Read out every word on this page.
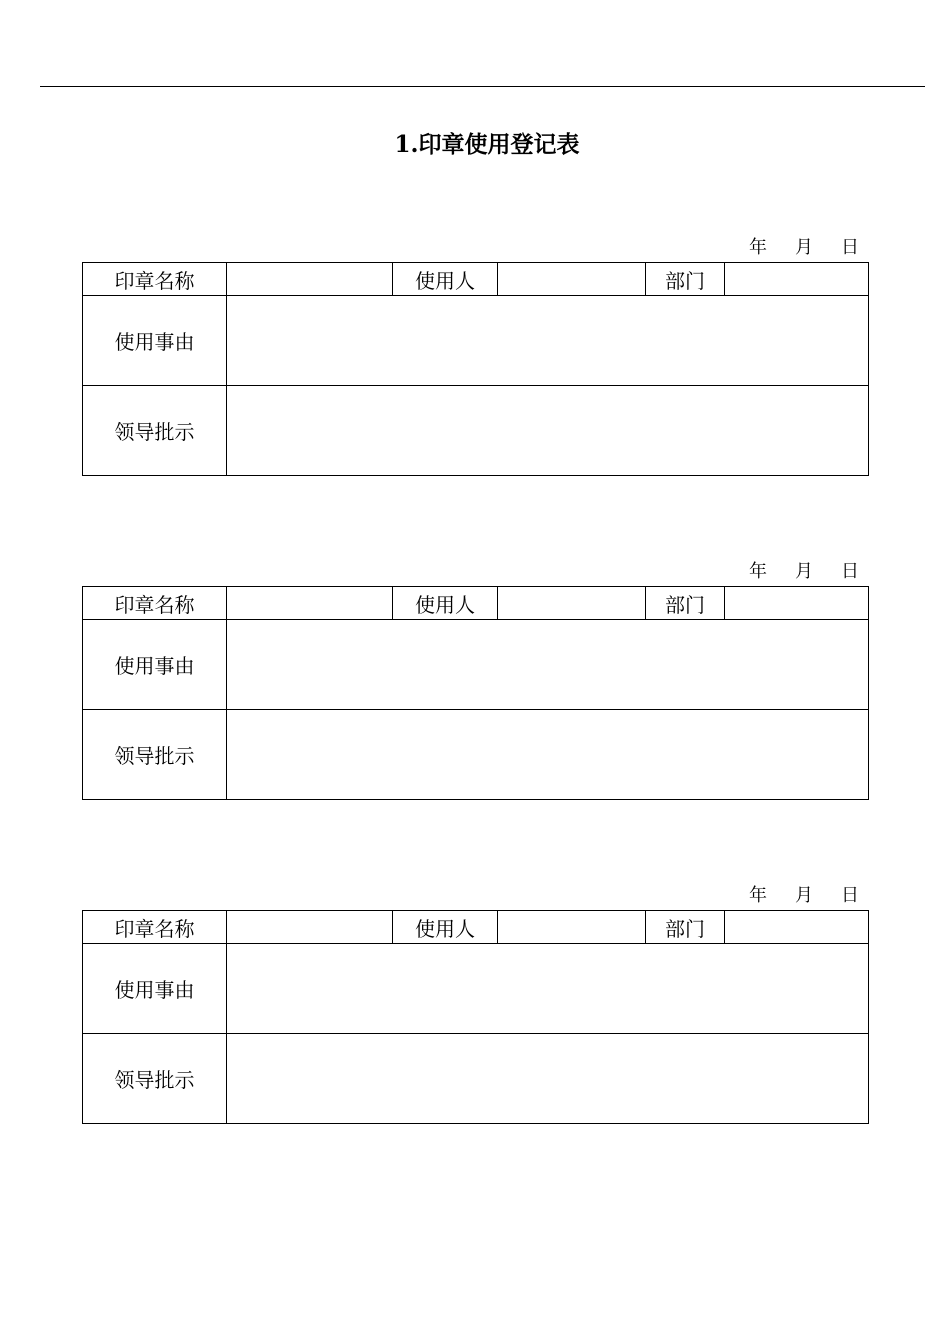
1.印章使用登记表
年 月 日
印章名称		使用人		部门	
使用事由					
领导批示					
年 月 日
印章名称		使用人		部门	
使用事由					
领导批示					
年 月 日
印章名称		使用人		部门	
使用事由					
领导批示					
